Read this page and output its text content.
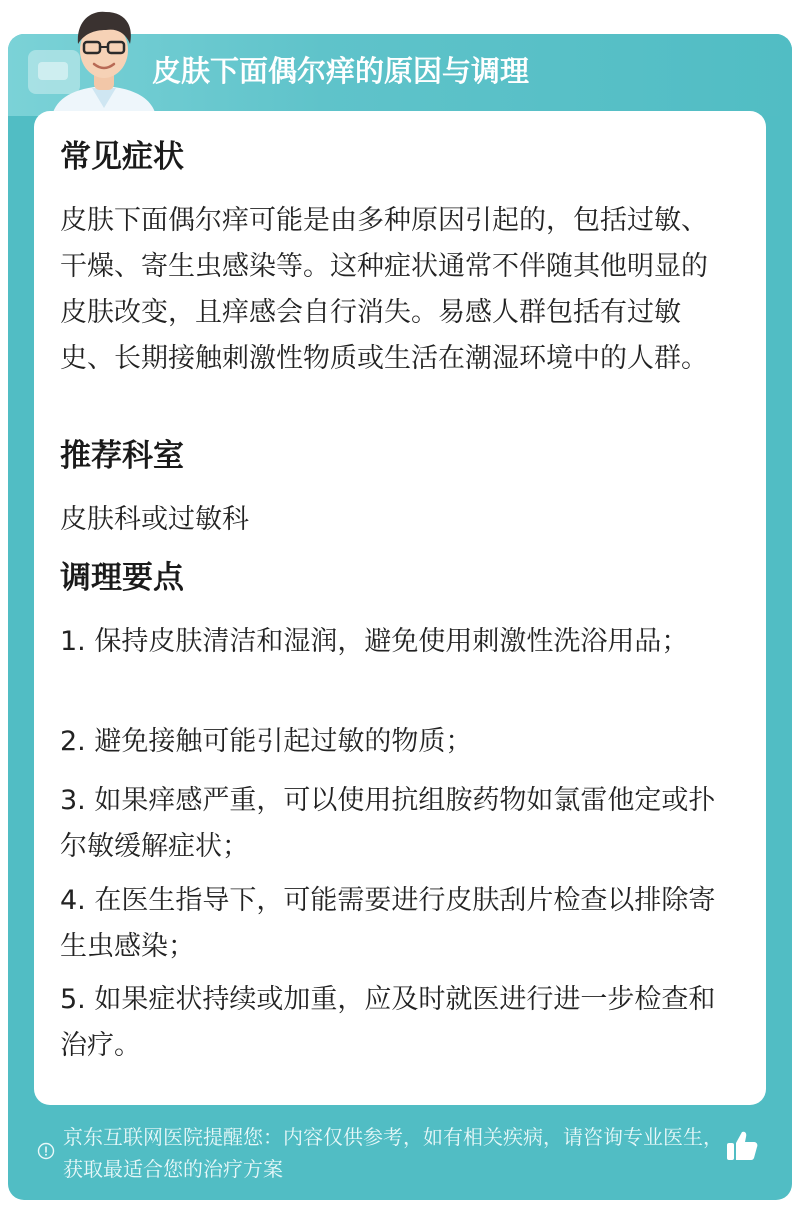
皮肤下面偶尔痒的原因与调理
常见症状
皮肤下面偶尔痒可能是由多种原因引起的，包括过敏、干燥、寄生虫感染等。这种症状通常不伴随其他明显的皮肤改变，且痒感会自行消失。易感人群包括有过敏史、长期接触刺激性物质或生活在潮湿环境中的人群。
推荐科室
皮肤科或过敏科
调理要点
1. 保持皮肤清洁和湿润，避免使用刺激性洗浴用品；
2. 避免接触可能引起过敏的物质；
3. 如果痒感严重，可以使用抗组胺药物如氯雷他定或扑尔敏缓解症状；
4. 在医生指导下，可能需要进行皮肤刮片检查以排除寄生虫感染；
5. 如果症状持续或加重，应及时就医进行进一步检查和治疗。
京东互联网医院提醒您：内容仅供参考，如有相关疾病，请咨询专业医生，获取最适合您的治疗方案
